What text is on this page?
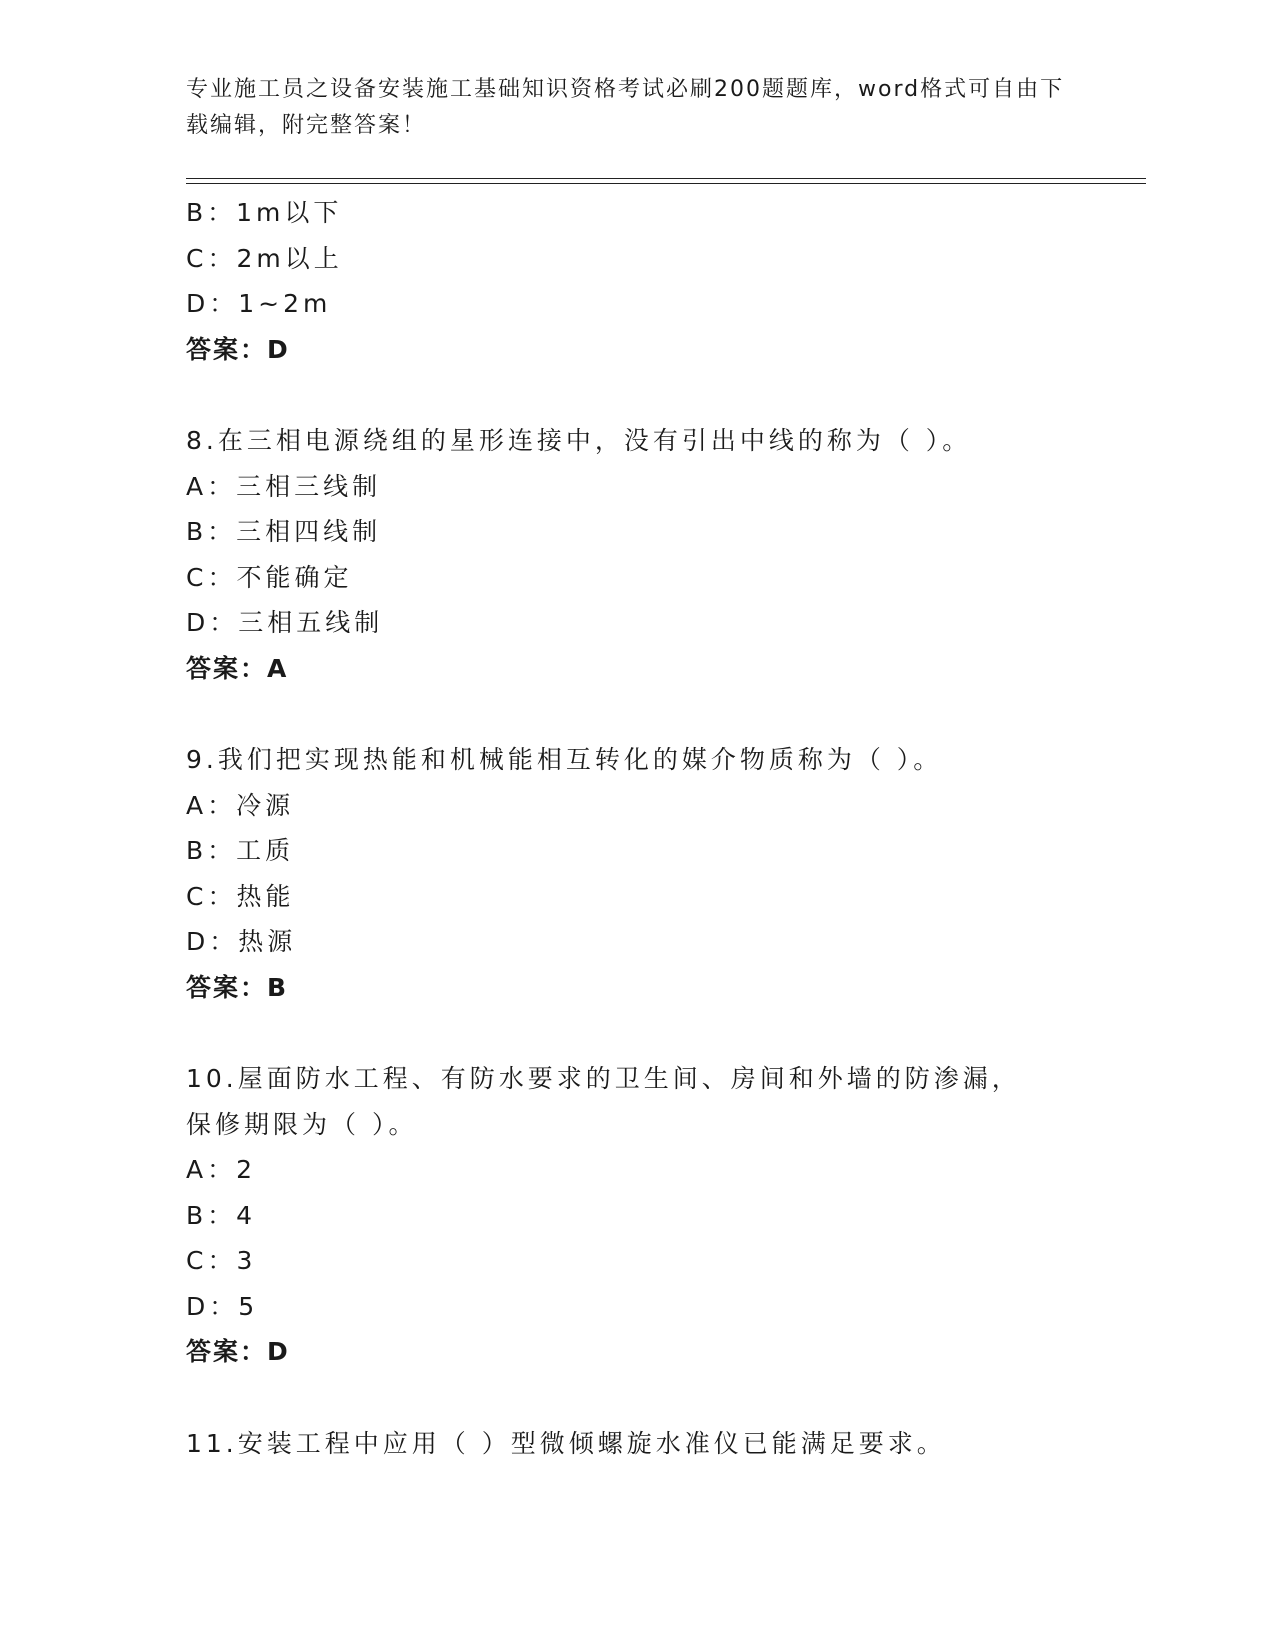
专业施工员之设备安装施工基础知识资格考试必刷200题题库，word格式可自由下载编辑，附完整答案！
B：1m以下
C：2m以上
D：1~2m
答案：D
8.在三相电源绕组的星形连接中，没有引出中线的称为（ ）。
A：三相三线制
B：三相四线制
C：不能确定
D：三相五线制
答案：A
9.我们把实现热能和机械能相互转化的媒介物质称为（ ）。
A：冷源
B：工质
C：热能
D：热源
答案：B
10.屋面防水工程、有防水要求的卫生间、房间和外墙的防渗漏，保修期限为（ ）。
A：2
B：4
C：3
D：5
答案：D
11.安装工程中应用（ ）型微倾螺旋水准仪已能满足要求。
